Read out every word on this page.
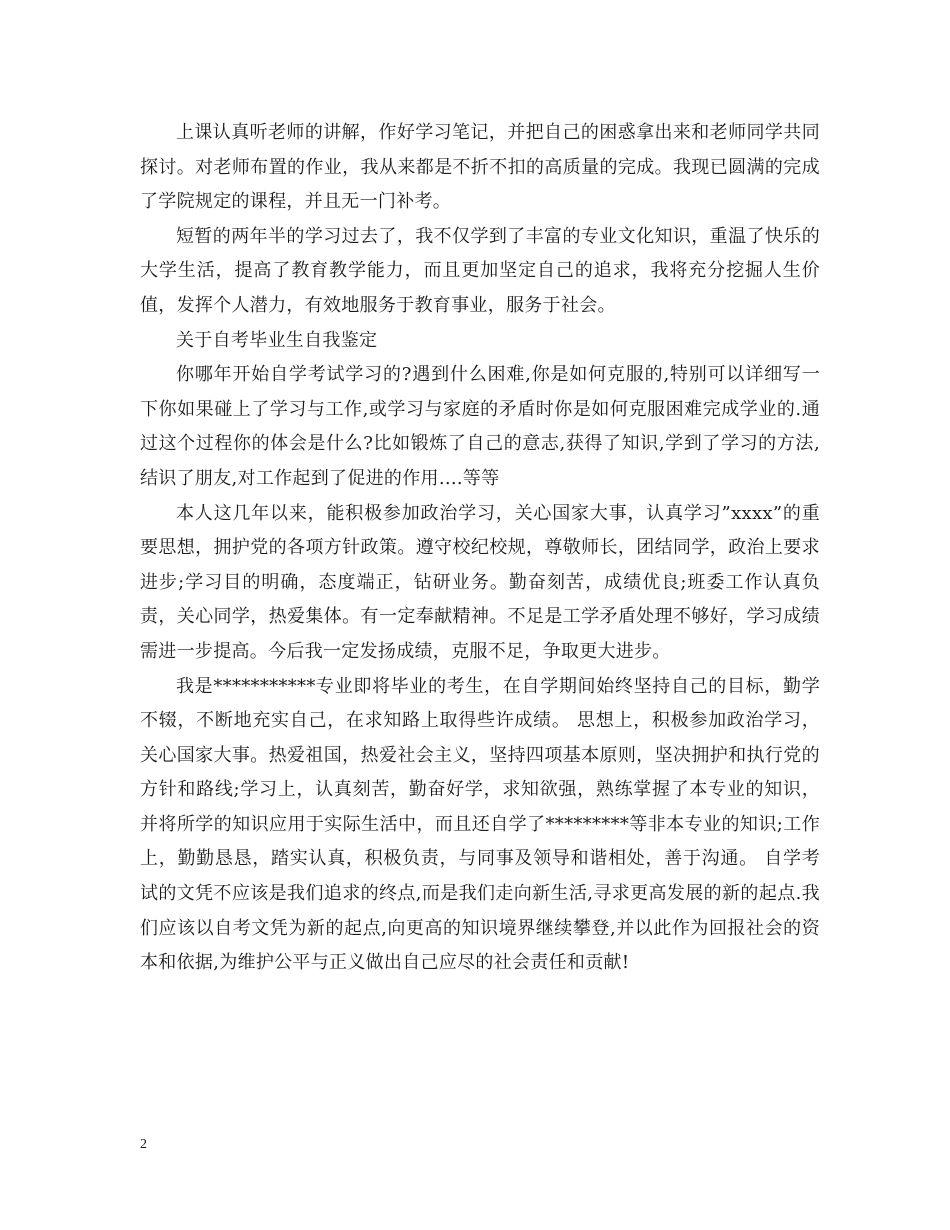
上课认真听老师的讲解，作好学习笔记，并把自己的困惑拿出来和老师同学共同探讨。对老师布置的作业，我从来都是不折不扣的高质量的完成。我现已圆满的完成了学院规定的课程，并且无一门补考。

短暂的两年半的学习过去了，我不仅学到了丰富的专业文化知识，重温了快乐的大学生活，提高了教育教学能力，而且更加坚定自己的追求，我将充分挖掘人生价值，发挥个人潜力，有效地服务于教育事业，服务于社会。

关于自考毕业生自我鉴定

你哪年开始自学考试学习的?遇到什么困难,你是如何克服的,特别可以详细写一下你如果碰上了学习与工作,或学习与家庭的矛盾时你是如何克服困难完成学业的.通过这个过程你的体会是什么?比如锻炼了自己的意志,获得了知识,学到了学习的方法,结识了朋友,对工作起到了促进的作用....等等

本人这几年以来，能积极参加政治学习，关心国家大事，认真学习”xxxx”的重要思想，拥护党的各项方针政策。遵守校纪校规，尊敬师长，团结同学，政治上要求进步;学习目的明确，态度端正，钻研业务。勤奋刻苦，成绩优良;班委工作认真负责，关心同学，热爱集体。有一定奉献精神。不足是工学矛盾处理不够好，学习成绩需进一步提高。今后我一定发扬成绩，克服不足，争取更大进步。

我是***********专业即将毕业的考生，在自学期间始终坚持自己的目标，勤学不辍，不断地充实自己，在求知路上取得些许成绩。 思想上，积极参加政治学习，关心国家大事。热爱祖国，热爱社会主义，坚持四项基本原则，坚决拥护和执行党的方针和路线;学习上，认真刻苦，勤奋好学，求知欲强，熟练掌握了本专业的知识，并将所学的知识应用于实际生活中，而且还自学了*********等非本专业的知识;工作上，勤勤恳恳，踏实认真，积极负责，与同事及领导和谐相处，善于沟通。 自学考试的文凭不应该是我们追求的终点,而是我们走向新生活,寻求更高发展的新的起点.我们应该以自考文凭为新的起点,向更高的知识境界继续攀登,并以此作为回报社会的资本和依据,为维护公平与正义做出自己应尽的社会责任和贡献!

2
